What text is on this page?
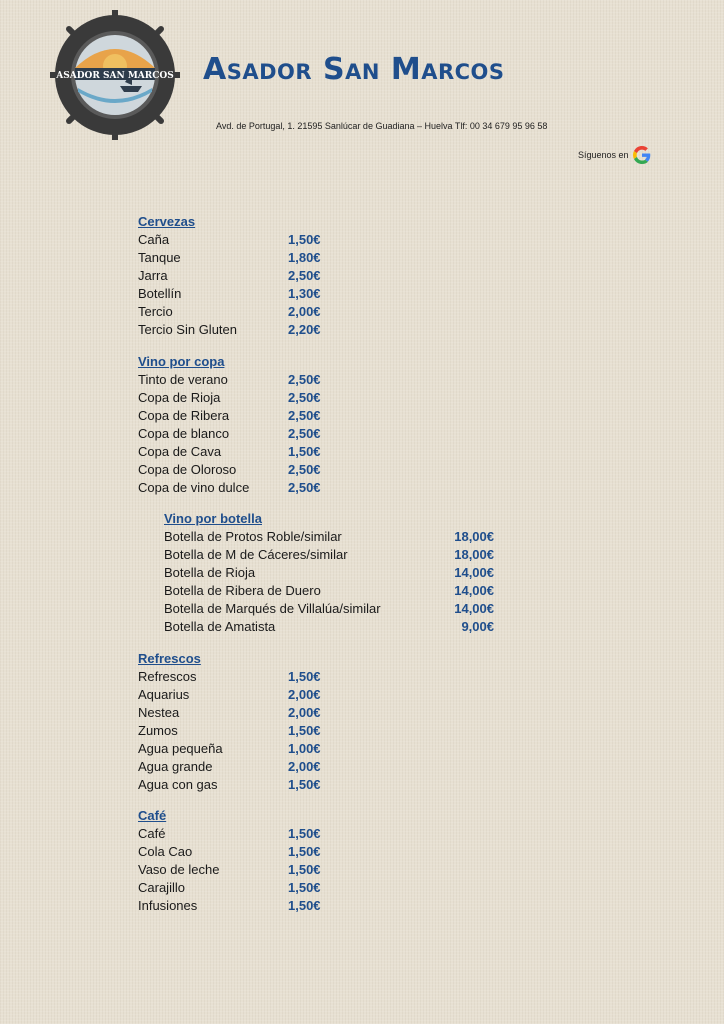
ASADOR SAN MARCOS Asador San Marcos
Avd. de Portugal, 1. 21595 Sanlúcar de Guadiana – Huelva Tlf: 00 34 679 95 96 58
Síguenos en
Cervezas
Caña	1,50€
Tanque	1,80€
Jarra	2,50€
Botellín	1,30€
Tercio	2,00€
Tercio Sin Gluten	2,20€
Vino por copa
Tinto de verano	2,50€
Copa de Rioja	2,50€
Copa de Ribera	2,50€
Copa de blanco	2,50€
Copa de Cava	1,50€
Copa de Oloroso	2,50€
Copa de vino dulce	2,50€
Vino por botella
Botella de Protos Roble/similar	18,00€
Botella de M de Cáceres/similar	18,00€
Botella de Rioja	14,00€
Botella de Ribera de Duero	14,00€
Botella de Marqués de Villalúa/similar	14,00€
Botella de Amatista	9,00€
Refrescos
Refrescos	1,50€
Aquarius	2,00€
Nestea	2,00€
Zumos	1,50€
Agua pequeña	1,00€
Agua grande	2,00€
Agua con gas	1,50€
Café
Café	1,50€
Cola Cao	1,50€
Vaso de leche	1,50€
Carajillo	1,50€
Infusiones	1,50€
